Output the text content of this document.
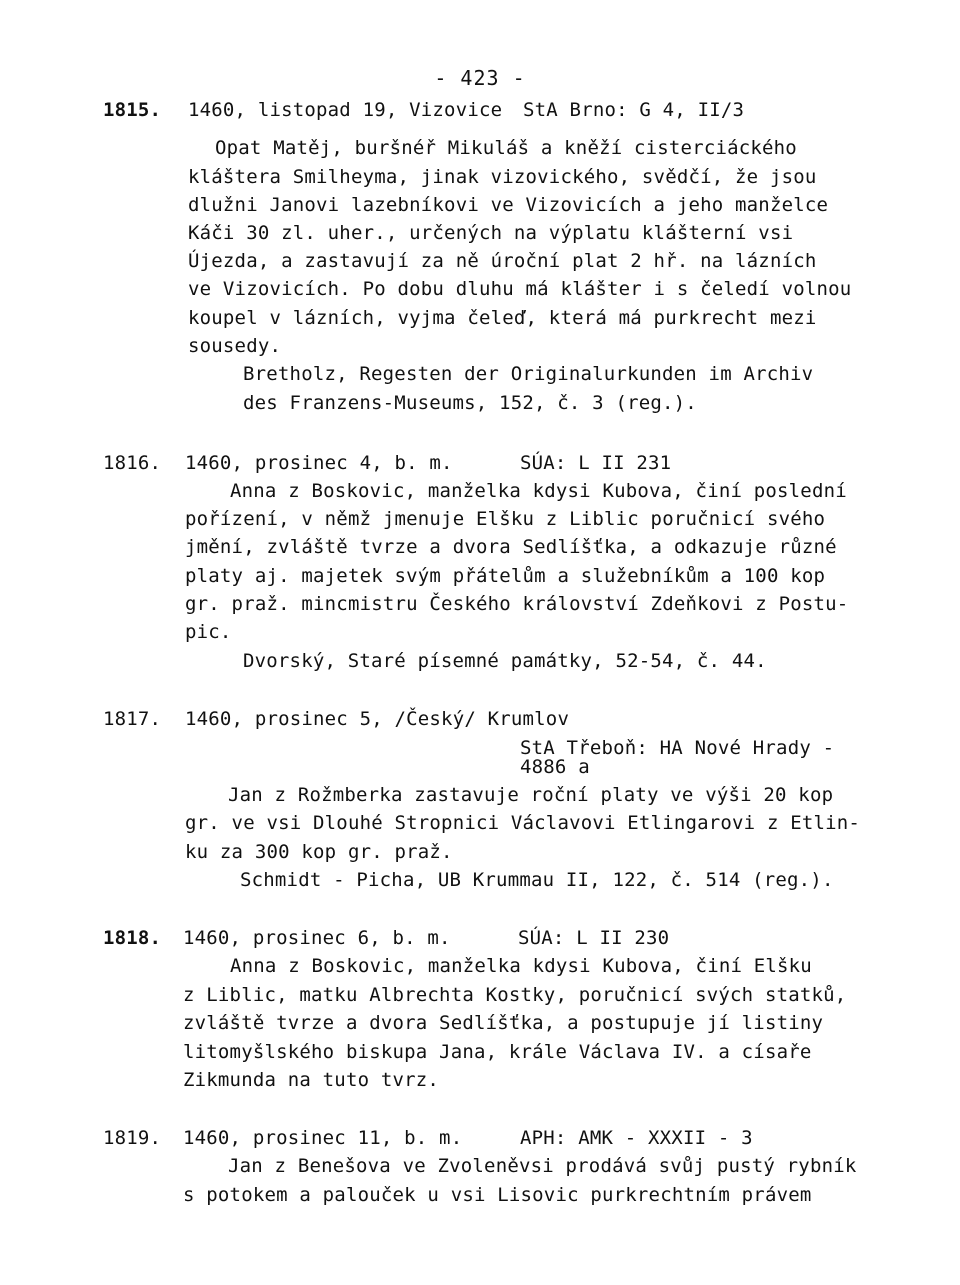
- 423 -
1815. 1460, listopad 19, Vizovice StA Brno: G 4, II/3
Opat Matěj, buršnéř Mikuláš a kněží cisterciáckého
kláštera Smilheyma, jinak vizovického, svědčí, že jsou
dlužni Janovi lazebníkovi ve Vizovicích a jeho manželce
Káči 30 zl. uher., určených na výplatu klášterní vsi
Újezda, a zastavují za ně úroční plat 2 hř. na lázních
ve Vizovicích. Po dobu dluhu má klášter i s čeledí volnou
koupel v lázních, vyjma čeleď, která má purkrecht mezi
sousedy.
Bretholz, Regesten der Originalurkunden im Archiv
des Franzens-Museums, 152, č. 3 (reg.).
1816. 1460, prosinec 4, b. m.	SÚA: L II 231
Anna z Boskovic, manželka kdysi Kubova, činí poslední
pořízení, v němž jmenuje Elšku z Liblic poručnicí svého
jmění, zvláště tvrze a dvora Sedlíšťka, a odkazuje různé
platy aj. majetek svým přátelům a služebníkům a 100 kop
gr. praž. mincmistru Českého království Zdeňkovi z Postu-
pic.
Dvorský, Staré písemné památky, 52-54, č. 44.
1817. 1460, prosinec 5, /Český/ Krumlov
StA Třeboň: HA Nové Hrady -
4886 a
Jan z Rožmberka zastavuje roční platy ve výši 20 kop
gr. ve vsi Dlouhé Stropnici Václavovi Etlingarovi z Etlin-
ku za 300 kop gr. praž.
Schmidt - Picha, UB Krummau II, 122, č. 514 (reg.).
1818. 1460, prosinec 6, b. m.	SÚA: L II 230
Anna z Boskovic, manželka kdysi Kubova, činí Elšku
z Liblic, matku Albrechta Kostky, poručnicí svých statků,
zvláště tvrze a dvora Sedlíšťka, a postupuje jí listiny
litomyšlského biskupa Jana, krále Václava IV. a císaře
Zikmunda na tuto tvrz.
1819. 1460, prosinec 11, b. m.	APH: AMK - XXXII - 3
Jan z Benešova ve Zvoleněvsi prodává svůj pustý rybník
s potokem a palouček u vsi Lisovic purkrechtním právem
